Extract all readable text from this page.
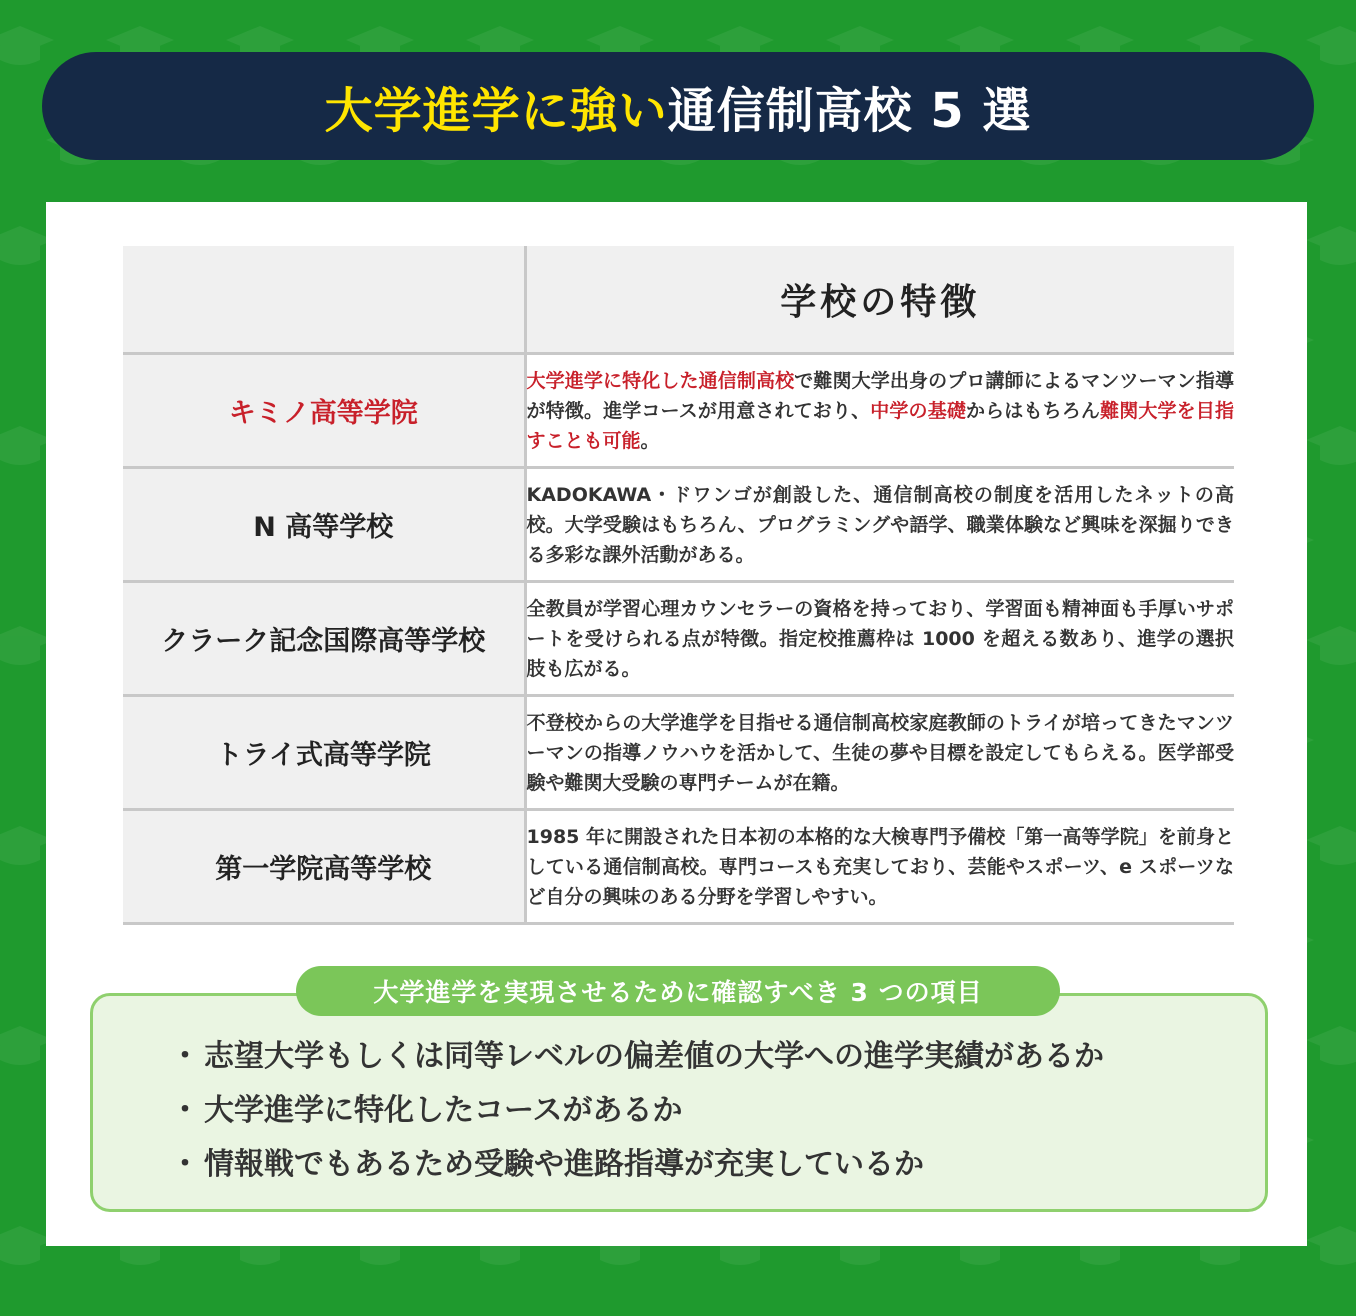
大学進学に強い 通信制高校 5 選
	学校の特徴
キミノ高等学院	大学進学に特化した通信制高校で難関大学出身のプロ講師によるマンツーマン指導が特徴。進学コースが用意されており、中学の基礎からはもちろん難関大学を目指すことも可能。
N 高等学校	KADOKAWA・ドワンゴが創設した、通信制高校の制度を活用したネットの高校。大学受験はもちろん、プログラミングや語学、職業体験など興味を深掘りできる多彩な課外活動がある。
クラーク記念国際高等学校	全教員が学習心理カウンセラーの資格を持っており、学習面も精神面も手厚いサポートを受けられる点が特徴。指定校推薦枠は 1000 を超える数あり、進学の選択肢も広がる。
トライ式高等学院	不登校からの大学進学を目指せる通信制高校家庭教師のトライが培ってきたマンツーマンの指導ノウハウを活かして、生徒の夢や目標を設定してもらえる。医学部受験や難関大受験の専門チームが在籍。
第一学院高等学校	1985 年に開設された日本初の本格的な大検専門予備校「第一高等学院」を前身としている通信制高校。専門コースも充実しており、芸能やスポーツ、e スポーツなど自分の興味のある分野を学習しやすい。
大学進学を実現させるために確認すべき 3 つの項目
・ 志望大学もしくは同等レベルの偏差値の大学への進学実績があるか
・ 大学進学に特化したコースがあるか
・ 情報戦でもあるため受験や進路指導が充実しているか
